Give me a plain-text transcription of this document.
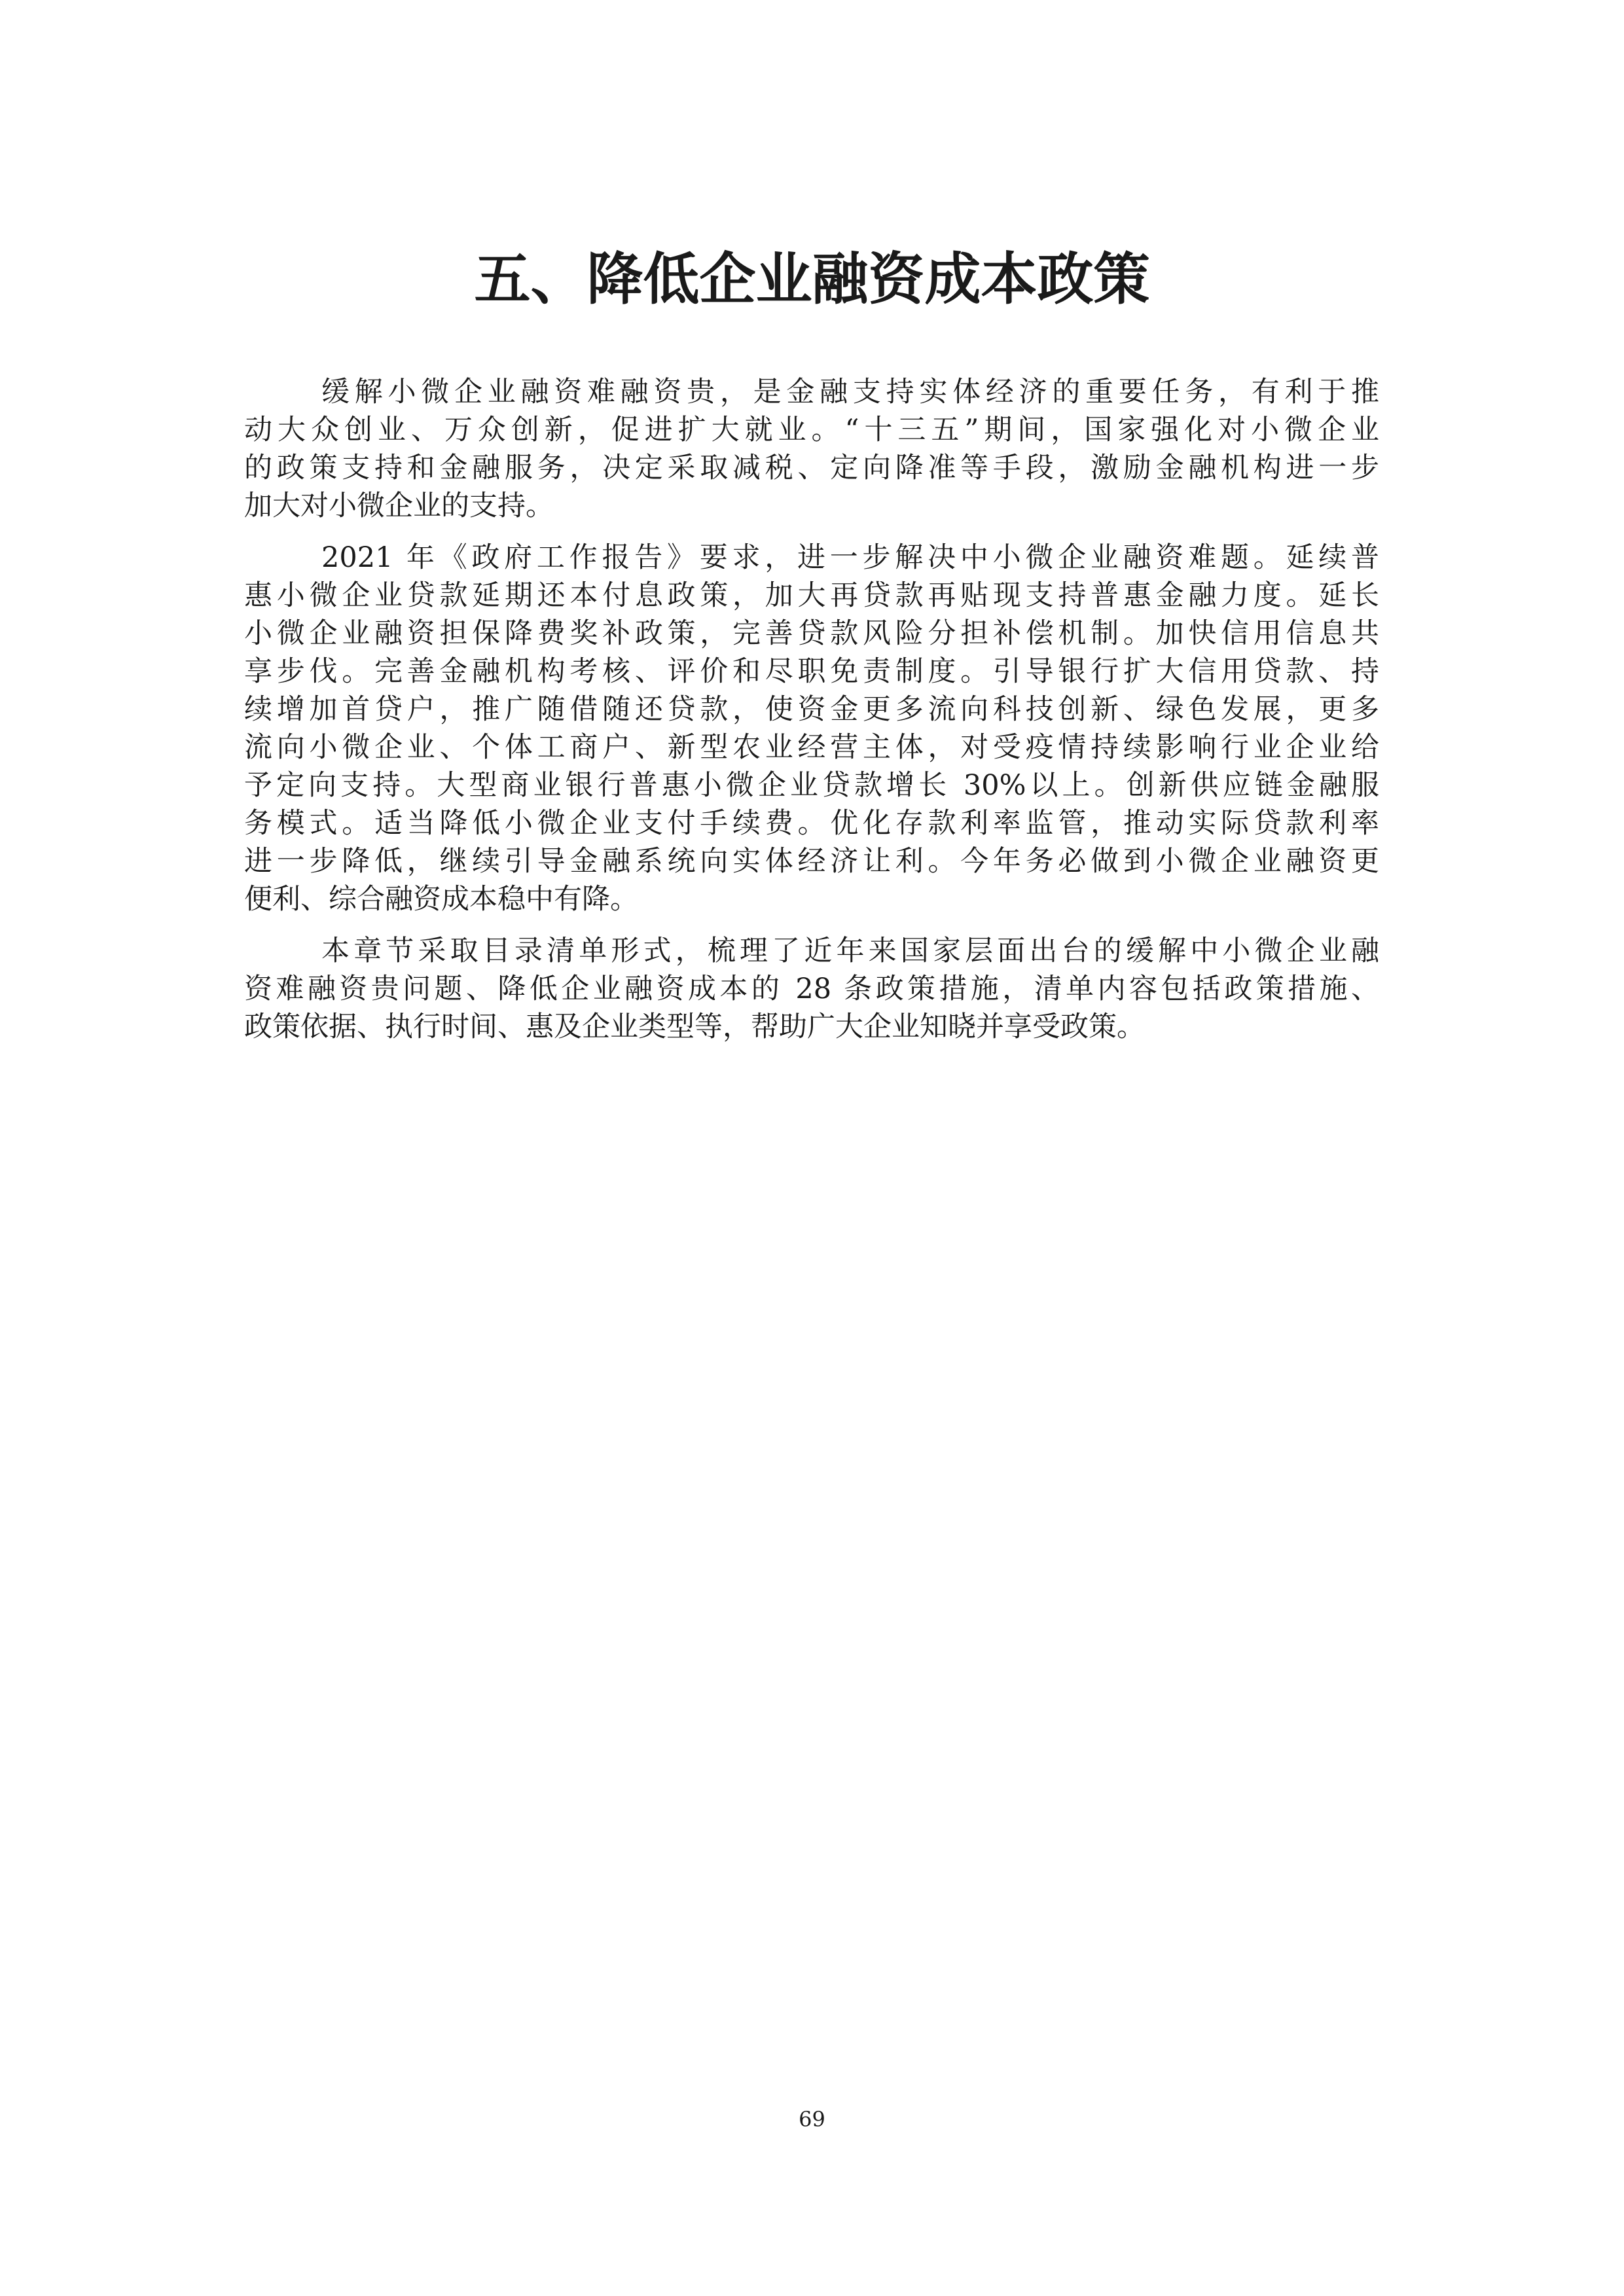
五、降低企业融资成本政策

缓解小微企业融资难融资贵，是金融支持实体经济的重要任务，有利于推

动大众创业、万众创新，促进扩大就业。“十三五”期间，国家强化对小微企业

的政策支持和金融服务，决定采取减税、定向降准等手段，激励金融机构进一步

加大对小微企业的支持。

2021 年《政府工作报告》要求，进一步解决中小微企业融资难题。延续普

惠小微企业贷款延期还本付息政策，加大再贷款再贴现支持普惠金融力度。延长

小微企业融资担保降费奖补政策，完善贷款风险分担补偿机制。加快信用信息共

享步伐。完善金融机构考核、评价和尽职免责制度。引导银行扩大信用贷款、持

续增加首贷户，推广随借随还贷款，使资金更多流向科技创新、绿色发展，更多

流向小微企业、个体工商户、新型农业经营主体，对受疫情持续影响行业企业给

予定向支持。大型商业银行普惠小微企业贷款增长 30%以上。创新供应链金融服

务模式。适当降低小微企业支付手续费。优化存款利率监管，推动实际贷款利率

进一步降低，继续引导金融系统向实体经济让利。今年务必做到小微企业融资更

便利、综合融资成本稳中有降。

本章节采取目录清单形式，梳理了近年来国家层面出台的缓解中小微企业融

资难融资贵问题、降低企业融资成本的 28 条政策措施，清单内容包括政策措施、

政策依据、执行时间、惠及企业类型等，帮助广大企业知晓并享受政策。

69
